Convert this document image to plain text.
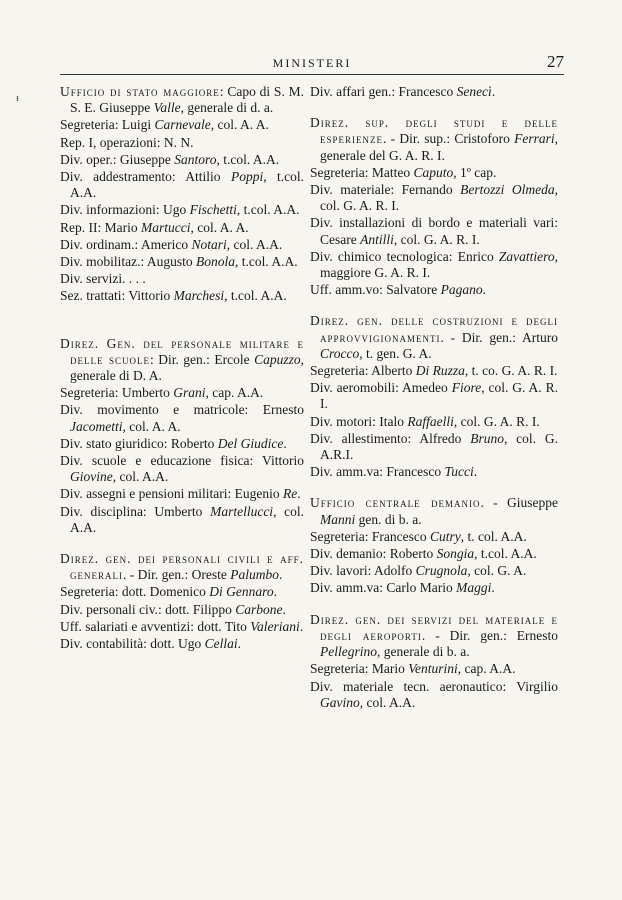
ᵻ
MINISTERI	27

Ufficio di stato maggiore: Capo di S. M. S. E. Giuseppe Valle, generale di d. a.

Segreteria: Luigi Carnevale, col. A. A.

Rep. I, operazioni: N. N.

Div. oper.: Giuseppe Santoro, t.col. A.A.

Div. addestramento: Attilio Poppi, t.col. A.A.

Div. informazioni: Ugo Fischetti, t.col. A.A.

Rep. II: Mario Martucci, col. A. A.

Div. ordinam.: Americo Notari, col. A.A.

Div. mobilitaz.: Augusto Bonola, t.col. A.A.

Div. servizi. . . .

Sez. trattati: Vittorio Marchesi, t.col. A.A.

Direz. Gen. del personale militare e delle scuole: Dir. gen.: Ercole Capuzzo, generale di D. A.

Segreteria: Umberto Grani, cap. A.A.

Div. movimento e matricole: Ernesto Jacometti, col. A. A.

Div. stato giuridico: Roberto Del Giudice.

Div. scuole e educazione fisica: Vittorio Giovine, col. A.A.

Div. assegni e pensioni militari: Eugenio Re.

Div. disciplina: Umberto Martellucci, col. A.A.

Direz. gen. dei personali civili e aff. generali. - Dir. gen.: Oreste Palumbo.

Segreteria: dott. Domenico Di Gennaro.

Div. personali civ.: dott. Filippo Carbone.

Uff. salariati e avventizi: dott. Tito Valeriani.

Div. contabilità: dott. Ugo Cellai.

Div. affari gen.: Francesco Senecì.

Direz. sup. degli studi e delle esperienze. - Dir. sup.: Cristoforo Ferrari, generale del G. A. R. I.

Segreteria: Matteo Caputo, 1º cap.

Div. materiale: Fernando Bertozzi Olmeda, col. G. A. R. I.

Div. installazioni di bordo e materiali vari: Cesare Antilli, col. G. A. R. I.

Div. chimico tecnologica: Enrico Zavattiero, maggiore G. A. R. I.

Uff. amm.vo: Salvatore Pagano.

Direz. gen. delle costruzioni e degli approvvigionamenti. - Dir. gen.: Arturo Crocco, t. gen. G. A.

Segreteria: Alberto Di Ruzza, t. co. G. A. R. I.

Div. aeromobili: Amedeo Fiore, col. G. A. R. I.

Div. motori: Italo Raffaelli, col. G. A. R. I.

Div. allestimento: Alfredo Bruno, col. G. A.R.I.

Div. amm.va: Francesco Tucci.

Ufficio centrale demanio. - Giuseppe Manni gen. di b. a.

Segreteria: Francesco Cutry, t. col. A.A.

Div. demanio: Roberto Songia, t.col. A.A.

Div. lavori: Adolfo Crugnola, col. G. A.

Div. amm.va: Carlo Mario Maggi.

Direz. gen. dei servizi del materiale e degli aeroporti. - Dir. gen.: Ernesto Pellegrino, generale di b. a.

Segreteria: Mario Venturini, cap. A.A.

Div. materiale tecn. aeronautico: Virgilio Gavino, col. A.A.
